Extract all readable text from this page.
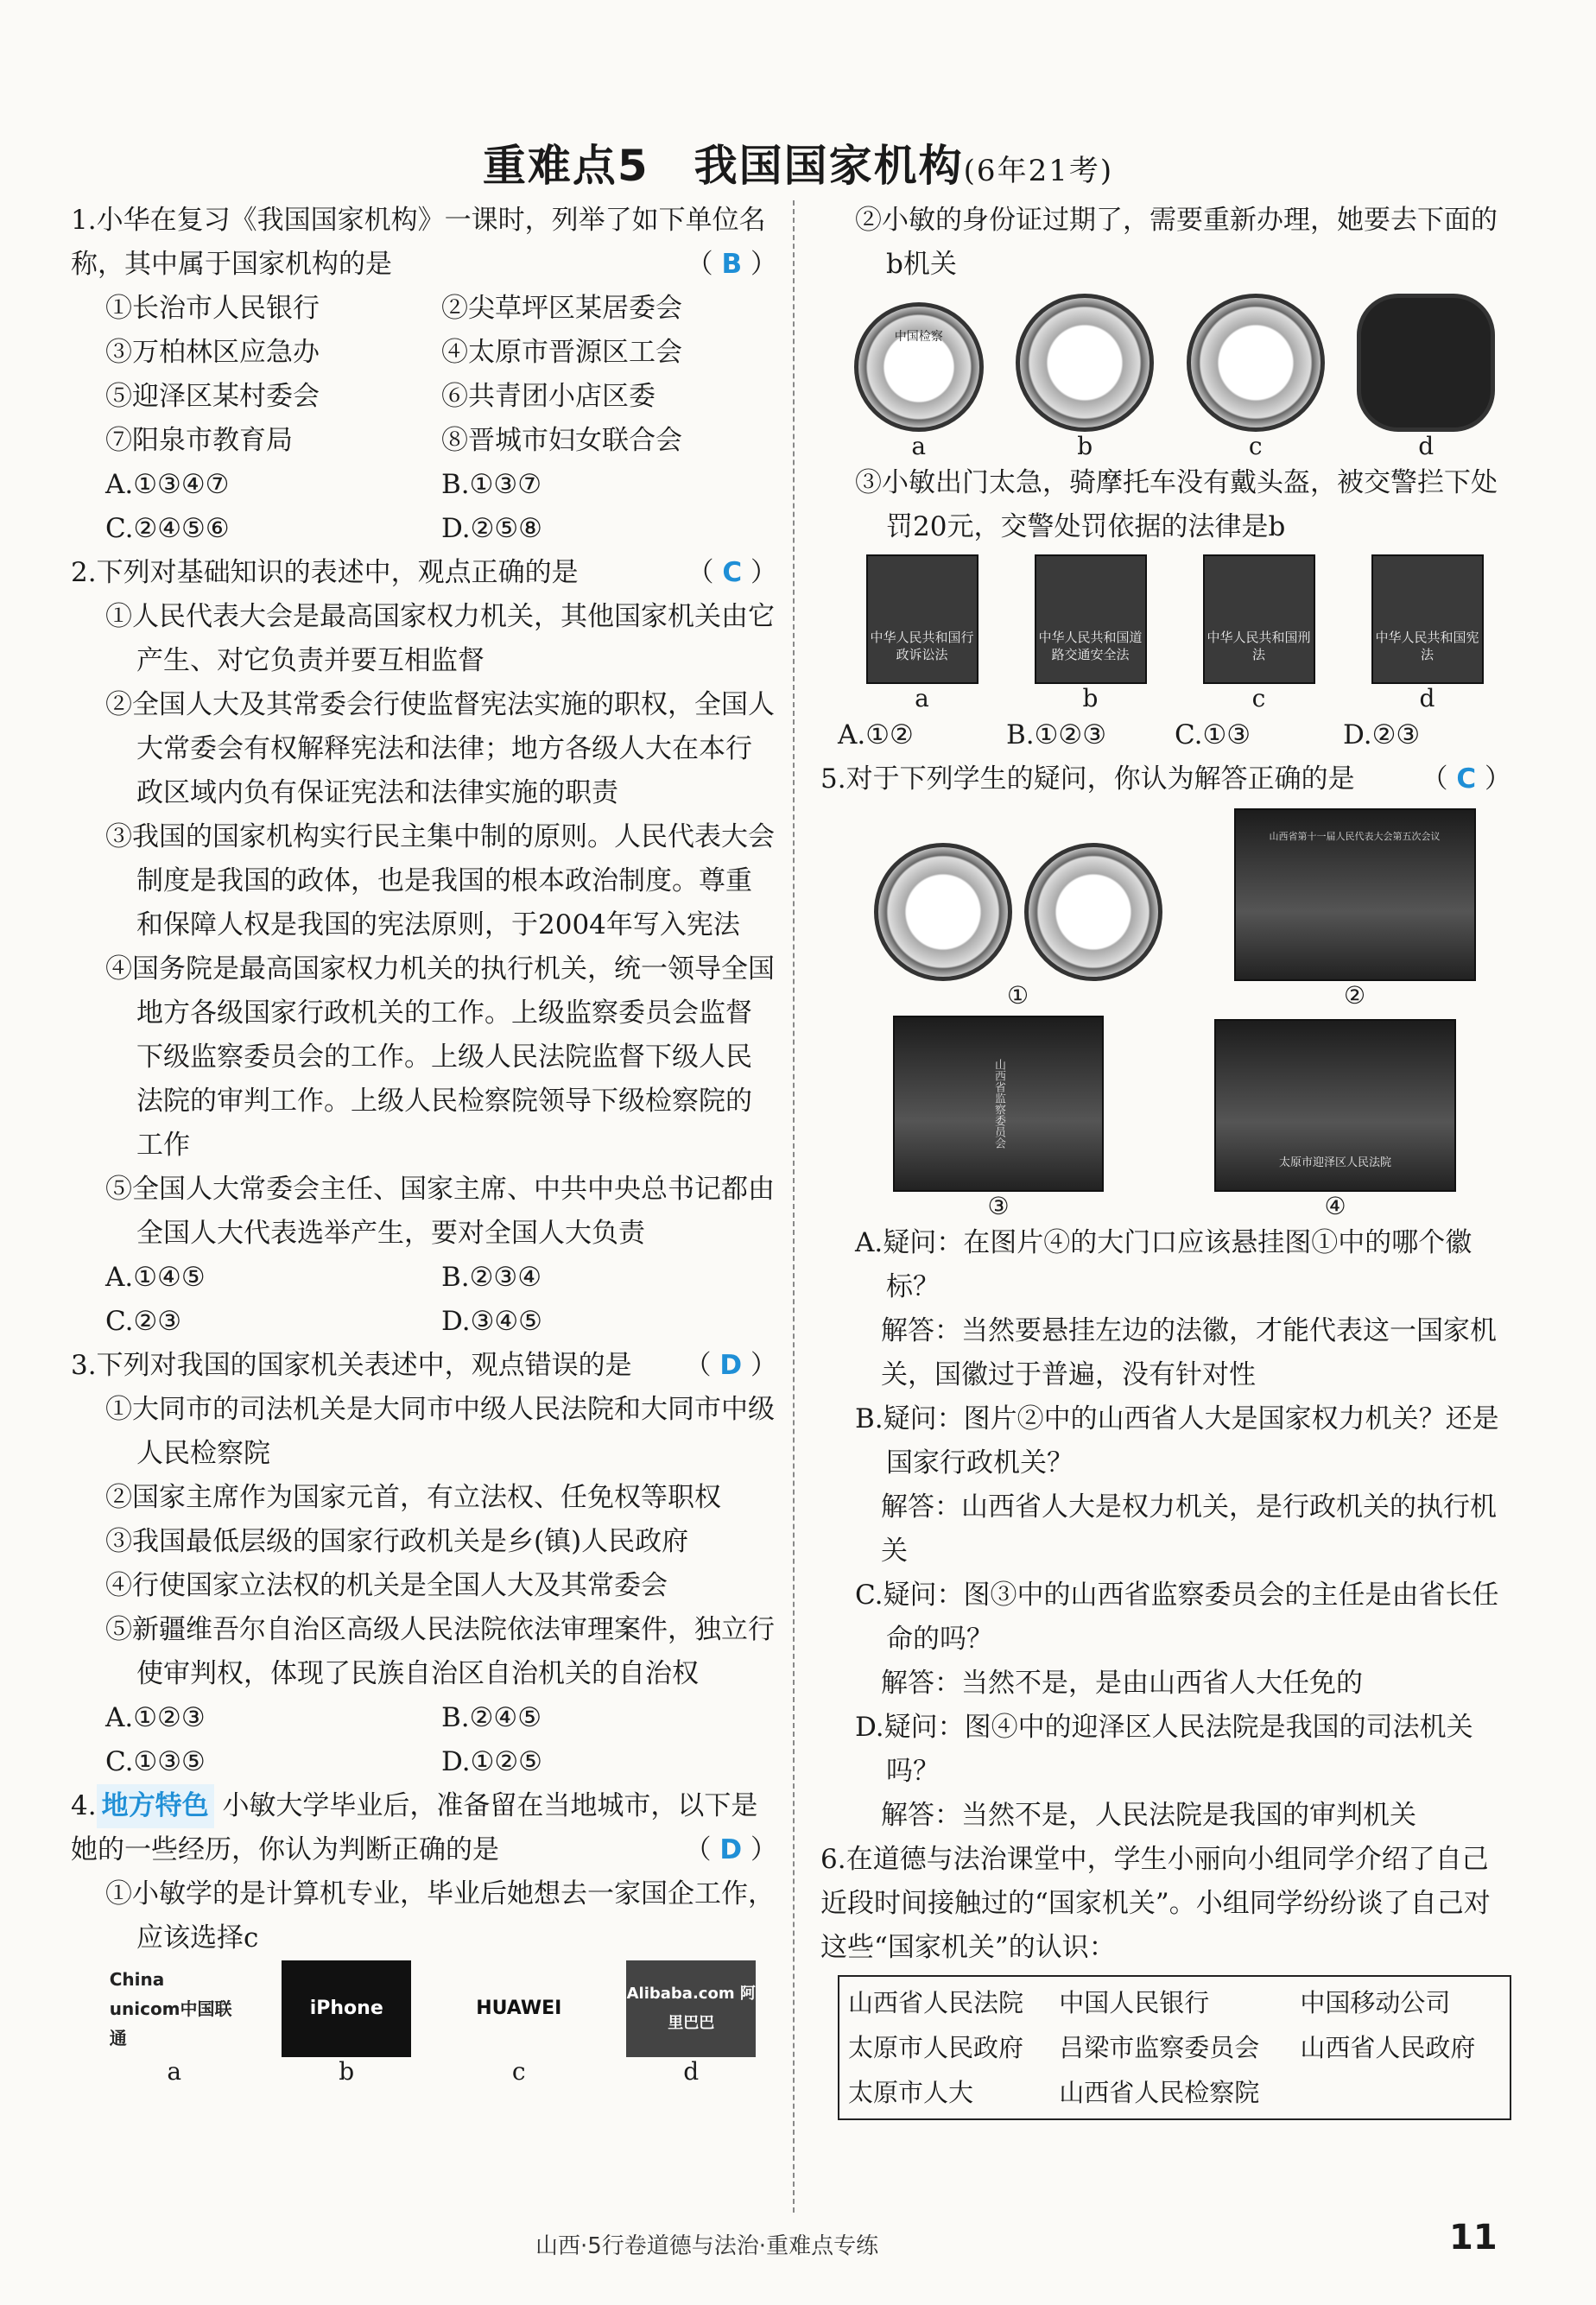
重难点5　我国国家机构(6年21考)

1.小华在复习《我国国家机构》一课时，列举了如下单位名称，其中属于国家机构的是	（ B ）

①长治市人民银行	②尖草坪区某居委会
③万柏林区应急办	④太原市晋源区工会
⑤迎泽区某村委会	⑥共青团小店区委
⑦阳泉市教育局	⑧晋城市妇女联合会
A.①③④⑦	B.①③⑦
C.②④⑤⑥	D.②⑤⑧

2.下列对基础知识的表述中，观点正确的是	（ C ）

①人民代表大会是最高国家权力机关，其他国家机关由它产生、对它负责并要互相监督

②全国人大及其常委会行使监督宪法实施的职权，全国人大常委会有权解释宪法和法律；地方各级人大在本行政区域内负有保证宪法和法律实施的职责

③我国的国家机构实行民主集中制的原则。人民代表大会制度是我国的政体，也是我国的根本政治制度。尊重和保障人权是我国的宪法原则，于2004年写入宪法

④国务院是最高国家权力机关的执行机关，统一领导全国地方各级国家行政机关的工作。上级监察委员会监督下级监察委员会的工作。上级人民法院监督下级人民法院的审判工作。上级人民检察院领导下级检察院的工作

⑤全国人大常委会主任、国家主席、中共中央总书记都由全国人大代表选举产生，要对全国人大负责

A.①④⑤	B.②③④
C.②③	D.③④⑤

3.下列对我国的国家机关表述中，观点错误的是 （ D ）

①大同市的司法机关是大同市中级人民法院和大同市中级人民检察院

②国家主席作为国家元首，有立法权、任免权等职权

③我国最低层级的国家行政机关是乡(镇)人民政府

④行使国家立法权的机关是全国人大及其常委会

⑤新疆维吾尔自治区高级人民法院依法审理案件，独立行使审判权，体现了民族自治区自治机关的自治权

A.①②③	B.②④⑤
C.①③⑤	D.①②⑤

4. 地方特色 小敏大学毕业后，准备留在当地城市，以下是她的一些经历，你认为判断正确的是	（ D ）

①小敏学的是计算机专业，毕业后她想去一家国企工作，应该选择c

China unicom中国联通
a
iPhone
b
HUAWEI
c
Alibaba.com 阿里巴巴
d

②小敏的身份证过期了，需要重新办理，她要去下面的b机关

中国检察
a	b	c	d

③小敏出门太急，骑摩托车没有戴头盔，被交警拦下处罚20元，交警处罚依据的法律是b

中华人民共和国行政诉讼法
a
中华人民共和国道路交通安全法
b
中华人民共和国刑法
c
中华人民共和国宪法
d
A.①②	B.①②③	C.①③	D.②③

5.对于下列学生的疑问，你认为解答正确的是 （ C ）

①
山西省第十一届人民代表大会第五次会议
②
山西省监察委员会
③
太原市迎泽区人民法院
④

A.疑问：在图片④的大门口应该悬挂图①中的哪个徽标？

解答：当然要悬挂左边的法徽，才能代表这一国家机关，国徽过于普遍，没有针对性

B.疑问：图片②中的山西省人大是国家权力机关？还是国家行政机关？

解答：山西省人大是权力机关，是行政机关的执行机关

C.疑问：图③中的山西省监察委员会的主任是由省长任命的吗？

解答：当然不是，是由山西省人大任免的

D.疑问：图④中的迎泽区人民法院是我国的司法机关吗？

解答：当然不是，人民法院是我国的审判机关

6.在道德与法治课堂中，学生小丽向小组同学介绍了自己近段时间接触过的“国家机关”。小组同学纷纷谈了自己对这些“国家机关”的认识：

山西省人民法院	中国人民银行	中国移动公司
太原市人民政府	吕梁市监察委员会	山西省人民政府
太原市人大	山西省人民检察院
山西·5行卷道德与法治·重难点专练	11
